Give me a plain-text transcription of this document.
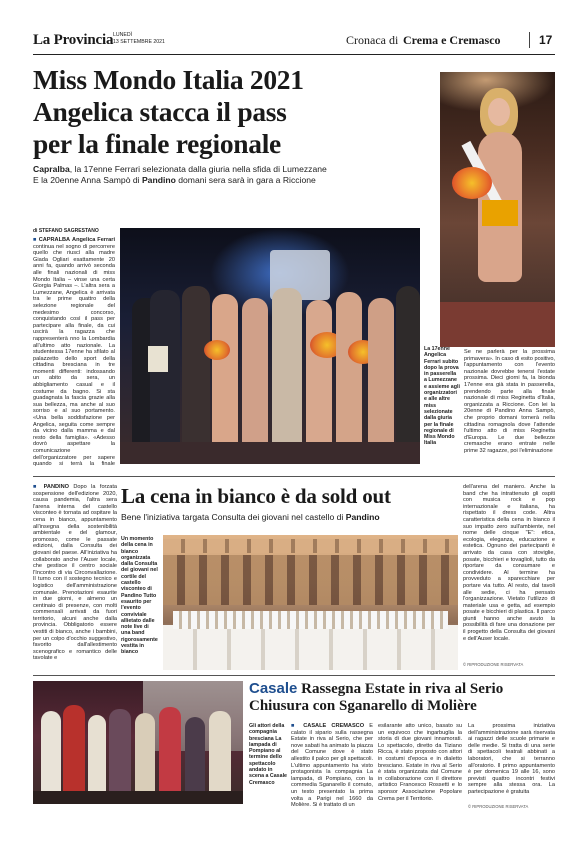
La Provincia LUNEDÌ
13 SETTEMBRE 2021	Cronaca di Crema e Cremasco	17
Miss Mondo Italia 2021
Angelica stacca il pass
per la finale regionale
Capralba, la 17enne Ferrari selezionata dalla giuria nella sfida di Lumezzane
E la 20enne Anna Sampò di Pandino domani sera sarà in gara a Riccione
di STEFANO SAGRESTANO
■ CAPRALBA Angelica Ferrari continua nel sogno di percorrere quello che riuscì alla madre Giada Ogliari esattamente 20 anni fa, quando arrivò seconda alle finali nazionali di miss Mondo Italia – vinse una certa Giorgia Palmas –. L'altra sera a Lumezzane, Angelica è arrivata tra le prime quattro della selezione regionale del medesimo concorso, conquistando così il pass per partecipare alla finale, da cui uscirà la ragazza che rappresenterà nno la Lombardia all'ultimo atto nazionale. La studentessa 17enne ha sfilato al palazzetto dello sport della cittadina bresciana in tre momenti differenti: indossando un abito da sera, un abbigliamento casual e il costume da bagno. Si sta guadagnata la fascia grazie alla sua bellezza, ma anche al suo sorriso e al suo portamento. «Una bella soddisfazione per Angelica, seguita come sempre da vicino dalla mamma e dal resto della famiglia». «Adesso dovrò aspettare la comunicazione dell'organizzatore per sapere quando si terrà la finale
La 17enne Angelica Ferrari subito dopo la prova in passerella a Lumezzane e assieme agli organizzatori e alle altre miss selezionate dalla giuria per la finale regionale di Miss Mondo Italia
Se ne parlerà per la prossima primavera». In caso di esito positivo, l'appuntamento con l'evento nazionale dovrebbe tenersi l'estate prossima. Dieci giorni fa, la bionda 17enne era già stata in passerella, prendendo parte alla finale nazionale di miss Reginetta d'Italia, organizzata a Riccione. Con lei la 20enne di Pandino Anna Sampò, che proprio domani tornerà nella cittadina romagnola dove l'attende l'ultimo atto di miss Reginetta d'Europa. Le due bellezze cremasche erano entrate nelle prime 32 ragazze, poi l'eliminazione
■ PANDINO Dopo la forzata sospensione dell'edizione 2020, causa pandemia, l'altra sera l'arena interna del castello visconteo è tornata ad ospitare la cena in bianco, appuntamento all'insegna della sostenibilità ambientale e del glamour, promosso, come le passate edizioni, dalla Consulta dei giovani del paese. All'iniziativa ha collaborato anche l'Auser locale, che gestisce il centro sociale l'Incontro di via Circonvallazione. Il turno con il sostegno tecnico e logistico dell'amministrazione comunale. Prenotazioni esaurite in due giorni, e almeno un centinaio di presenze, con molti commensali arrivati da fuori territorio, alcuni anche dalla provincia. Obbligatorio essere vestiti di bianco, anche i bambini, per un colpo d'occhio suggestivo, favorito dall'allestimento scenografico e romantico delle tavolate e
La cena in bianco è da sold out
Bene l'iniziativa targata Consulta dei giovani nel castello di Pandino
Un momento della cena in bianco organizzata dalla Consulta dei giovani nel cortile del castello visconteo di Pandino Tutto esaurito per l'evento conviviale allietato dalle note live di una band rigorosamente vestita in bianco
dell'arena del maniero. Anche la band che ha intrattenuto gli ospiti con musica rock e pop internazionale e italiana, ha rispettato il dress code. Altra caratteristica della cena in bianco il suo impatto zero sull'ambiente, nel nome delle cinque "E": etica, ecologia, eleganza, educazione e estetica. Ognuno dei partecipanti è arrivato da casa con stoviglie, posate, bicchieri e tovaglioli, tutto da riportare da consumare e condividere. Al termine ha provveduto a sparecchiare per portare via tutto. Al resto, dal tavoli alle sedie, ci ha pensato l'organizzazione. Vietato l'utilizzo di materiale usa e getta, ad esempio posate e bicchieri di plastica. Il parco giunti hanno anche avuto la possibilità di fare una donazione per il progetto della Consulta dei giovani e dell'Auser locale.
© RIPRODUZIONE RISERVATA
Casale Rassegna Estate in riva al Serio
Chiusura con Sganarello di Molière
Gli attori della compagnia bresciana La lampada di Pompiano al termine dello spettacolo andato in scena a Casale Cremasco
■ CASALE CREMASCO È calato il sipario sulla rassegna Estate in riva al Serio, che per nove sabati ha animato la piazza del Comune dove è stato allestito il palco per gli spettacoli. L'ultimo appuntamento ha visto protagonista la compagnia La lampada, di Pompiano, con la commedia Sganarello il cornuto, un testo presentato la prima volta a Parigi nel 1660 da Molière. Si è trattato di un
esilarante atto unico, basato su un equivoco che ingarbuglia la storia di due giovani innamorati. Lo spettacolo, diretto da Tiziano Ricca, è stato proposto con attori in costumi d'epoca e in dialetto bresciano. Estate in riva al Serio è stata organizzata dal Comune in collaborazione con il direttore artistico Francesco Rossetti e lo sponsor Associazione Popolare Crema per il Territorio.
La prossima iniziativa dell'amministrazione sarà riservata ai ragazzi delle scuole primarie e delle medie. Si tratta di una serie di spettacoli teatrali abbinati a laboratori, che si terranno all'oratorio. Il primo appuntamento è per domenica 19 alle 16, sono previsti quattro incontri festivi sempre alla stessa ora. La partecipazione è gratuita
© RIPRODUZIONE RISERVATA
